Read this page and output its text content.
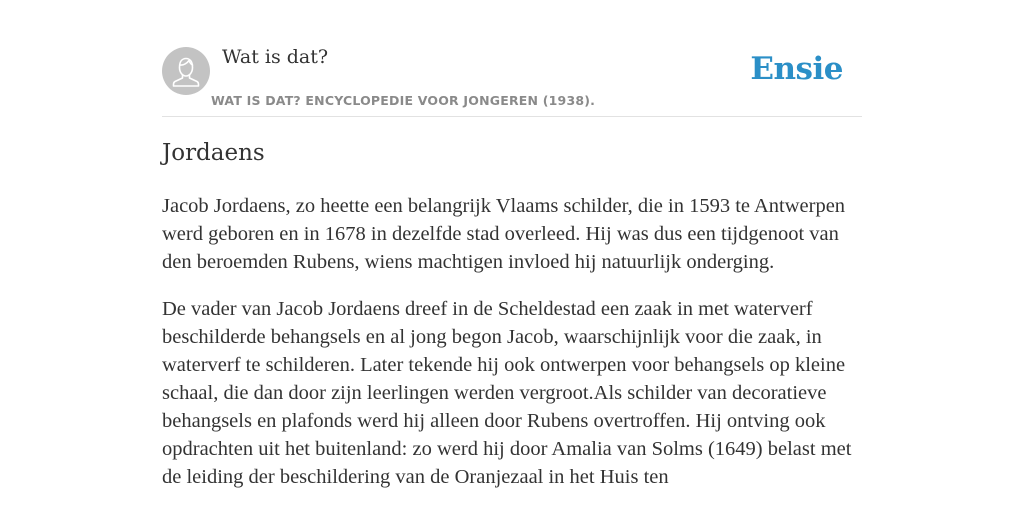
Wat is dat?
WAT IS DAT? ENCYCLOPEDIE VOOR JONGEREN (1938).
Ensie
Jordaens

Jacob Jordaens, zo heette een belangrijk Vlaams schilder, die in 1593 te Antwerpen werd geboren en in 1678 in dezelfde stad overleed. Hij was dus een tijdgenoot van den beroemden Rubens, wiens machtigen invloed hij natuurlijk onderging.

De vader van Jacob Jordaens dreef in de Scheldestad een zaak in met waterverf beschilderde behangsels en al jong begon Jacob, waarschijnlijk voor die zaak, in waterverf te schilderen. Later tekende hij ook ontwerpen voor behangsels op kleine schaal, die dan door zijn leerlingen werden vergroot.Als schilder van decoratieve behangsels en plafonds werd hij alleen door Rubens overtroffen. Hij ontving ook opdrachten uit het buitenland: zo werd hij door Amalia van Solms (1649) belast met de leiding der beschildering van de Oranjezaal in het Huis ten
